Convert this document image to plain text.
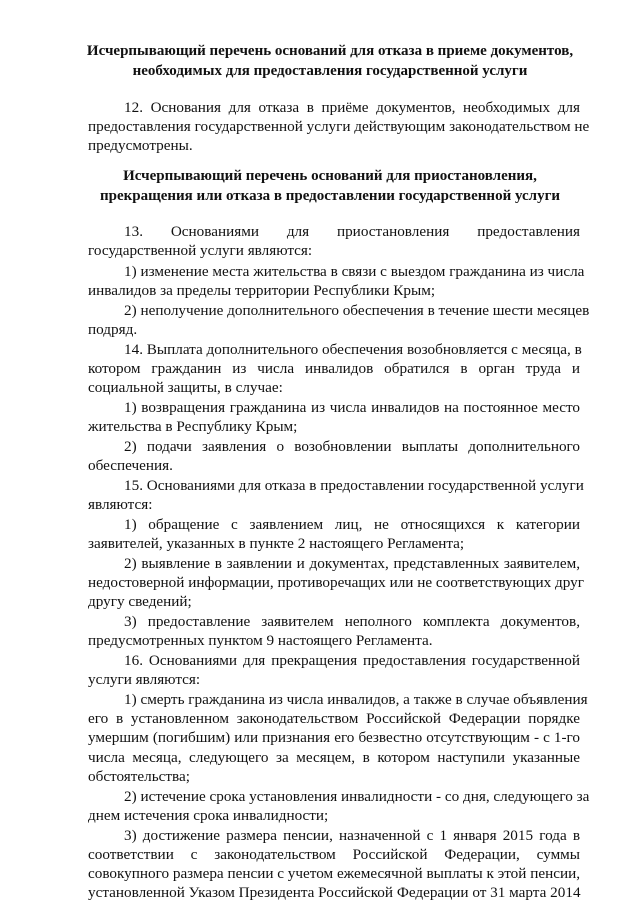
Исчерпывающий перечень оснований для отказа в приеме документов,
необходимых для предоставления государственной услуги
12. Основания для отказа в приёме документов, необходимых для
предоставления государственной услуги действующим законодательством не
предусмотрены.
Исчерпывающий перечень оснований для приостановления,
прекращения или отказа в предоставлении государственной услуги
13. Основаниями для приостановления предоставления
государственной услуги являются:
1) изменение места жительства в связи с выездом гражданина из числа
инвалидов за пределы территории Республики Крым;
2) неполучение дополнительного обеспечения в течение шести месяцев
подряд.
14. Выплата дополнительного обеспечения возобновляется с месяца, в
котором гражданин из числа инвалидов обратился в орган труда и
социальной защиты, в случае:
1) возвращения гражданина из числа инвалидов на постоянное место
жительства в Республику Крым;
2) подачи заявления о возобновлении выплаты дополнительного
обеспечения.
15. Основаниями для отказа в предоставлении государственной услуги
являются:
1) обращение с заявлением лиц, не относящихся к категории
заявителей, указанных в пункте 2 настоящего Регламента;
2) выявление в заявлении и документах, представленных заявителем,
недостоверной информации, противоречащих или не соответствующих друг
другу сведений;
3) предоставление заявителем неполного комплекта документов,
предусмотренных пунктом 9 настоящего Регламента.
16. Основаниями для прекращения предоставления государственной
услуги являются:
1) смерть гражданина из числа инвалидов, а также в случае объявления
его в установленном законодательством Российской Федерации порядке
умершим (погибшим) или признания его безвестно отсутствующим - с 1-го
числа месяца, следующего за месяцем, в котором наступили указанные
обстоятельства;
2) истечение срока установления инвалидности - со дня, следующего за
днем истечения срока инвалидности;
3) достижение размера пенсии, назначенной с 1 января 2015 года в
соответствии с законодательством Российской Федерации, суммы
совокупного размера пенсии с учетом ежемесячной выплаты к этой пенсии,
установленной Указом Президента Российской Федерации от 31 марта 2014
